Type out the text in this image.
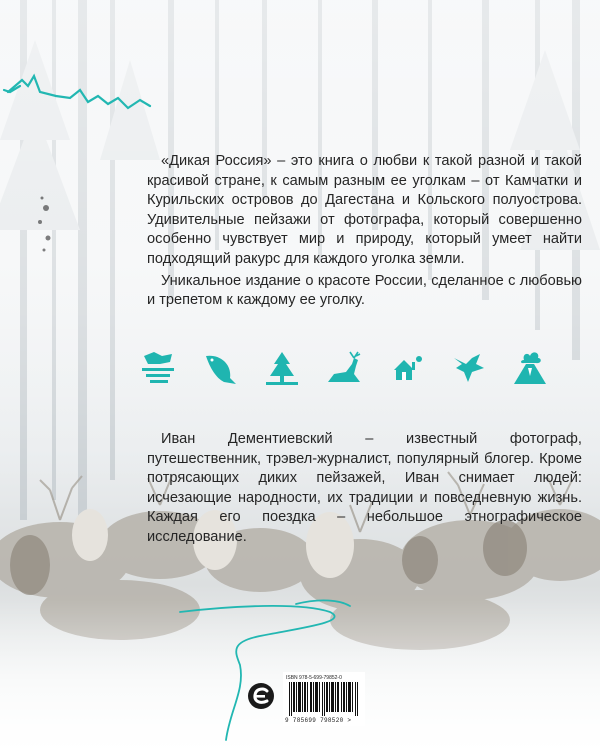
«Дикая Россия» – это книга о любви к такой разной и такой красивой стране, к самым разным ее уголкам – от Камчатки и Курильских островов до Дагестана и Кольского полуострова. Удивительные пейзажи от фотографа, который совершенно особенно чувствует мир и природу, который умеет найти подходящий ракурс для каждого уголка земли.

Уникальное издание о красоте России, сделанное с любовью и трепетом к каждому ее уголку.

Иван Дементиевский – известный фотограф, путешественник, трэвел-журналист, популярный блогер. Кроме потрясающих диких пейзажей, Иван снимает людей: исчезающие народности, их традиции и повседневную жизнь. Каждая его поездка – небольшое этнографическое исследование.

ISBN 978-5-699-79852-0
9 785699 798520 >
